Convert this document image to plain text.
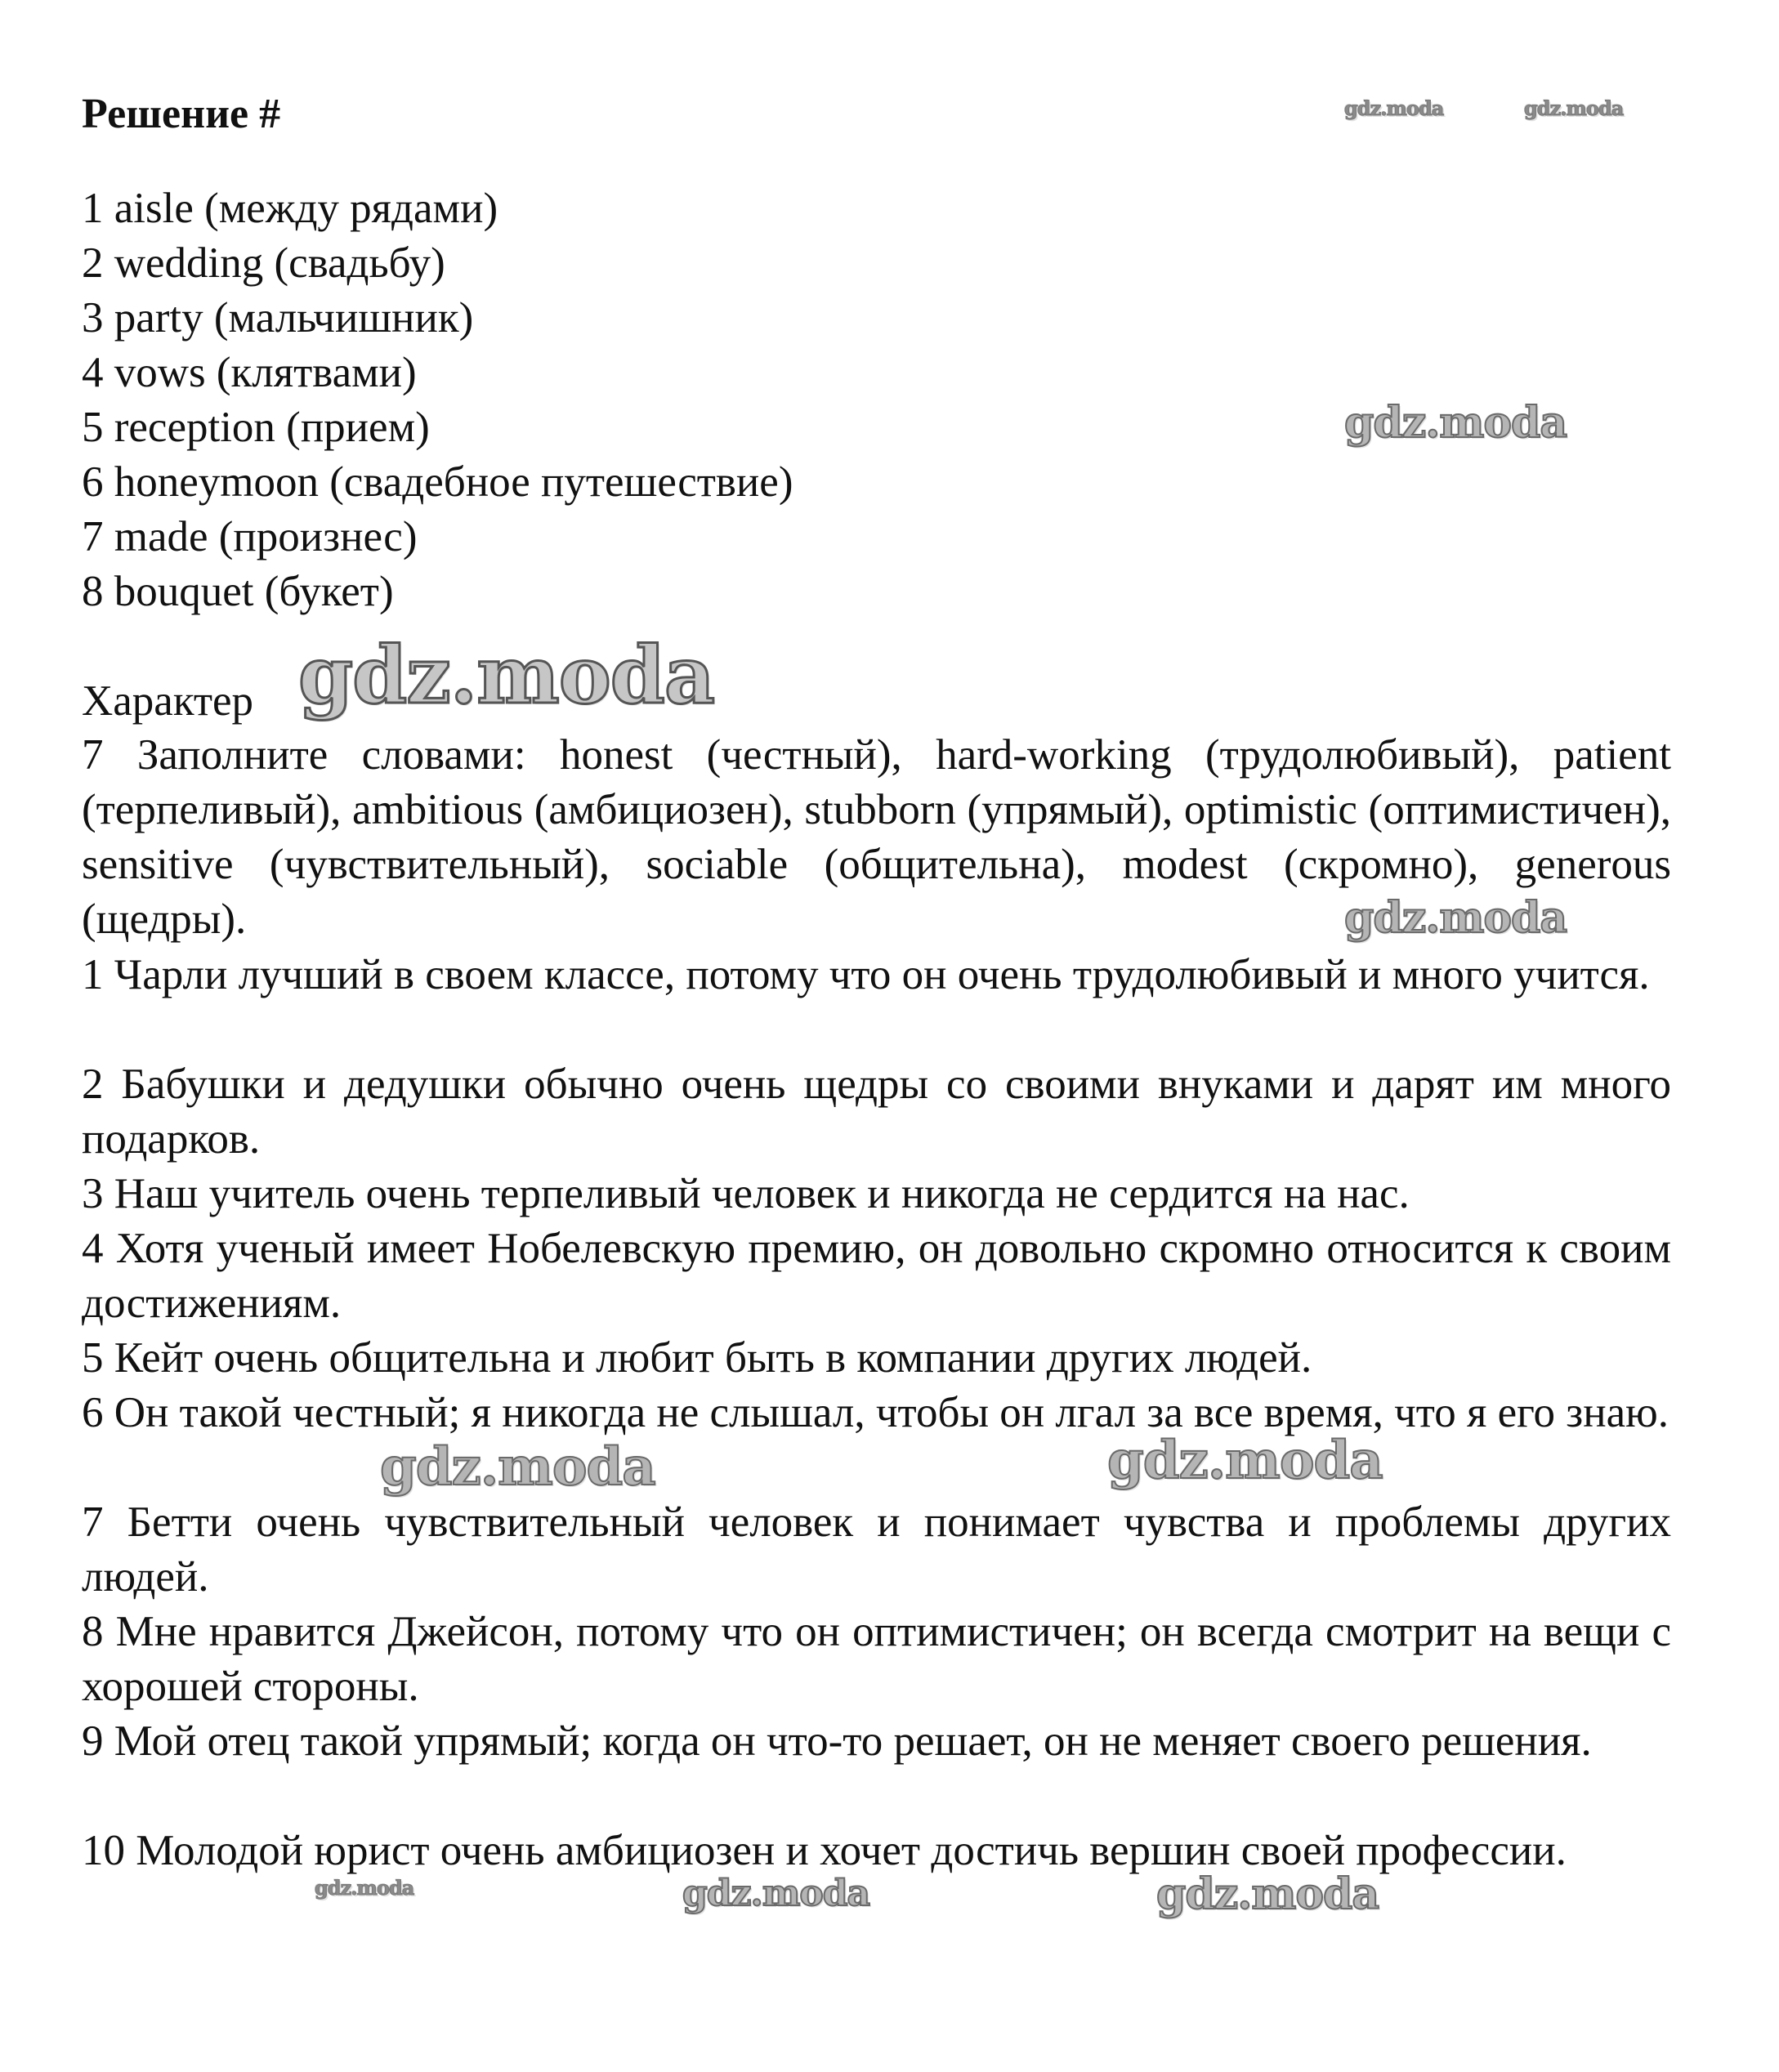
Решение #	gdz.moda	gdz.moda
1 aisle (между рядами)
2 wedding (свадьбу)
3 party (мальчишник)
4 vows (клятвами)
5 reception (прием)
6 honeymoon (свадебное путешествие)
7 made (произнес)
8 bouquet (букет)
gdz.moda
Характер gdz.moda
7 Заполните словами: honest (честный), hard-working (трудолюбивый), patient (терпеливый), ambitious (амбициозен), stubborn (упрямый), optimistic (оптимистичен), sensitive (чувствительный), sociable (общительна), modest (скромно), generous (щедры).	gdz.moda
1 Чарли лучший в своем классе, потому что он очень трудолюбивый и много учится.
2 Бабушки и дедушки обычно очень щедры со своими внуками и дарят им много подарков.
3 Наш учитель очень терпеливый человек и никогда не сердится на нас.
4 Хотя ученый имеет Нобелевскую премию, он довольно скромно относится к своим достижениям.
5 Кейт очень общительна и любит быть в компании других людей.
6 Он такой честный; я никогда не слышал, чтобы он лгал за все время, что я его знаю.
7 Бетти очень чувствительный человек и понимает чувства и проблемы других людей.
8 Мне нравится Джейсон, потому что он оптимистичен; он всегда смотрит на вещи с хорошей стороны.
9 Мой отец такой упрямый; когда он что-то решает, он не меняет своего решения.
10 Молодой юрист очень амбициозен и хочет достичь вершин своей профессии.
gdz.moda	gdz.moda
gdz.moda	gdz.moda	gdz.moda
